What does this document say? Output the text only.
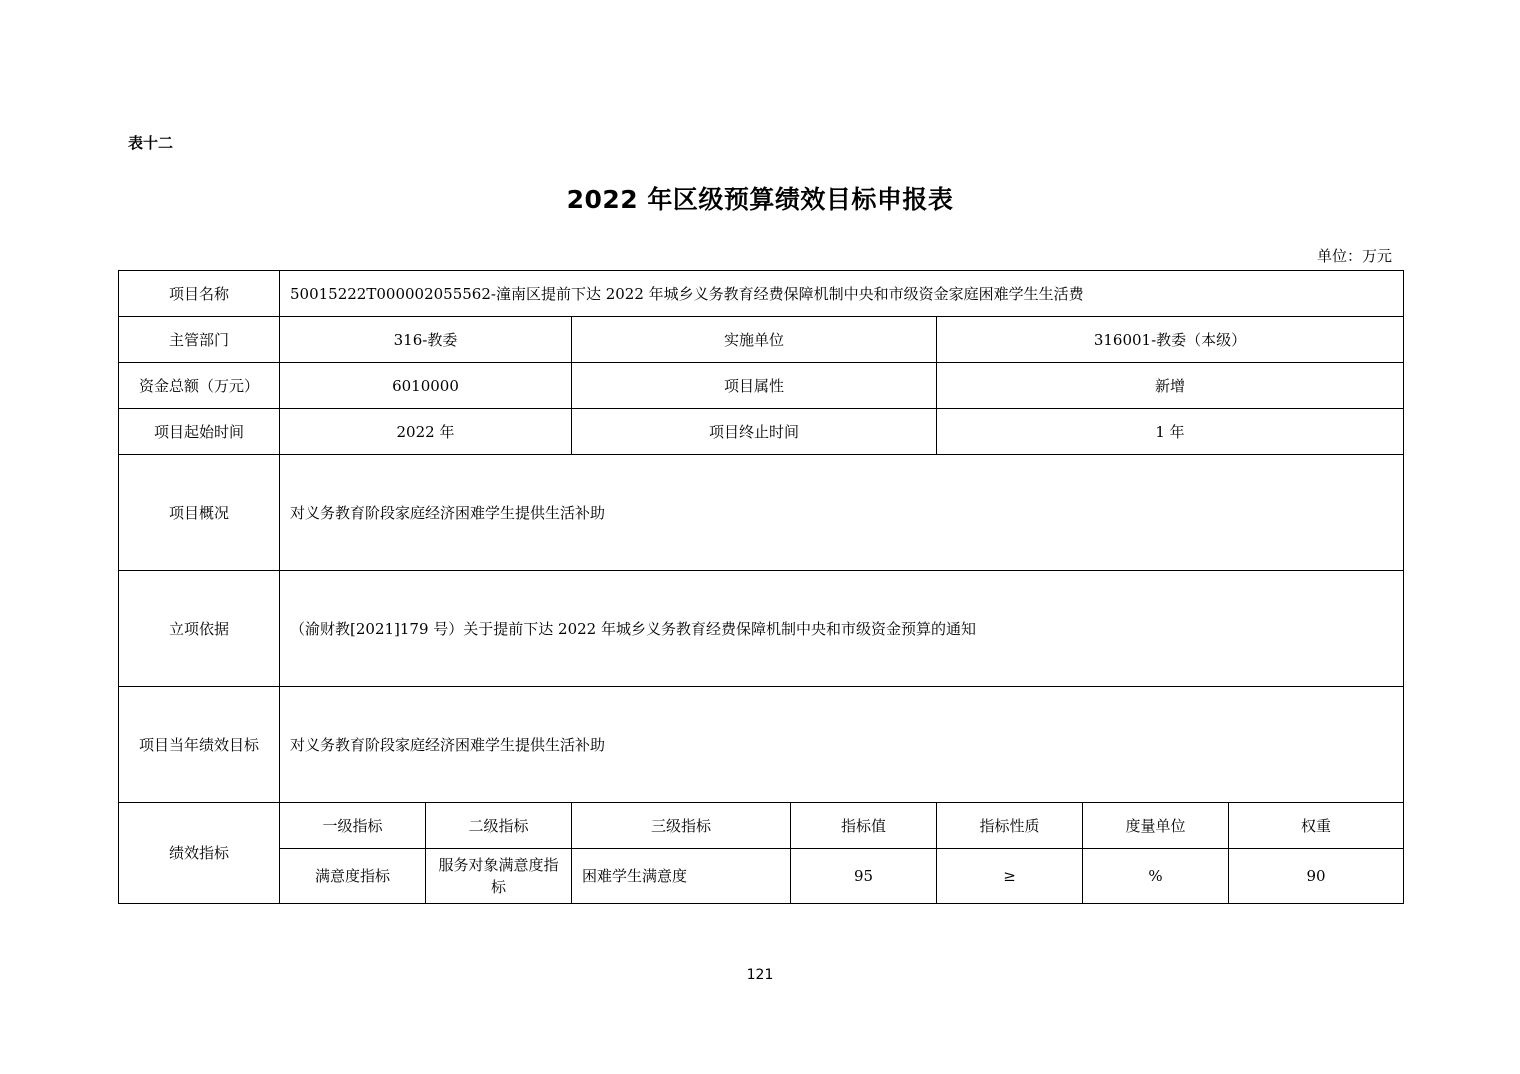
表十二
2022 年区级预算绩效目标申报表
单位：万元
项目名称	50015222T000002055562-潼南区提前下达 2022 年城乡义务教育经费保障机制中央和市级资金家庭困难学生生活费						
主管部门	316-教委		实施单位		316001-教委（本级）		
资金总额（万元）	6010000		项目属性		新增		
项目起始时间	2022 年		项目终止时间		1 年		
项目概况	对义务教育阶段家庭经济困难学生提供生活补助						
立项依据	（渝财教[2021]179 号）关于提前下达 2022 年城乡义务教育经费保障机制中央和市级资金预算的通知						
项目当年绩效目标	对义务教育阶段家庭经济困难学生提供生活补助						
绩效指标	一级指标	二级指标	三级指标	指标值	指标性质	度量单位	权重
	满意度指标	服务对象满意度指标	困难学生满意度	95	≥	%	90
121
